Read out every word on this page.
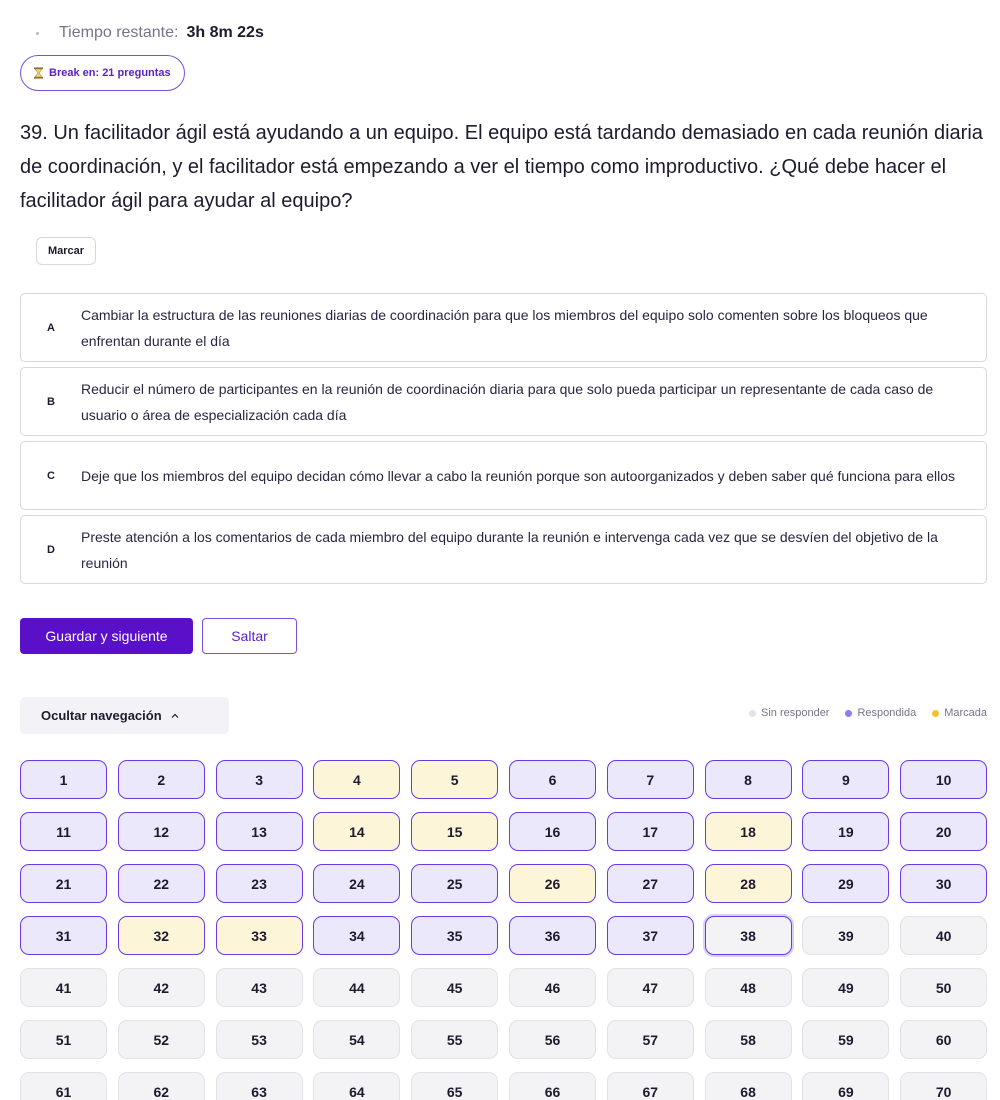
Tiempo restante: 3h 8m 22s
Break en: 21 preguntas
39. Un facilitador ágil está ayudando a un equipo. El equipo está tardando demasiado en cada reunión diaria de coordinación, y el facilitador está empezando a ver el tiempo como improductivo. ¿Qué debe hacer el facilitador ágil para ayudar al equipo?
Marcar
A
Cambiar la estructura de las reuniones diarias de coordinación para que los miembros del equipo solo comenten sobre los bloqueos que enfrentan durante el día
B
Reducir el número de participantes en la reunión de coordinación diaria para que solo pueda participar un representante de cada caso de usuario o área de especialización cada día
C	Deje que los miembros del equipo decidan cómo llevar a cabo la reunión porque son autoorganizados y deben saber qué funciona para ellos
D
Preste atención a los comentarios de cada miembro del equipo durante la reunión e intervenga cada vez que se desvíen del objetivo de la reunión
Guardar y siguiente	Saltar
Ocultar navegación	Sin responder	Respondida	Marcada
1	2	3	4	5	6	7	8	9	10
11	12	13	14	15	16	17	18	19	20
21	22	23	24	25	26	27	28	29	30
31	32	33	34	35	36	37	38	39	40
41	42	43	44	45	46	47	48	49	50
51	52	53	54	55	56	57	58	59	60
61	62	63	64	65	66	67	68	69	70
